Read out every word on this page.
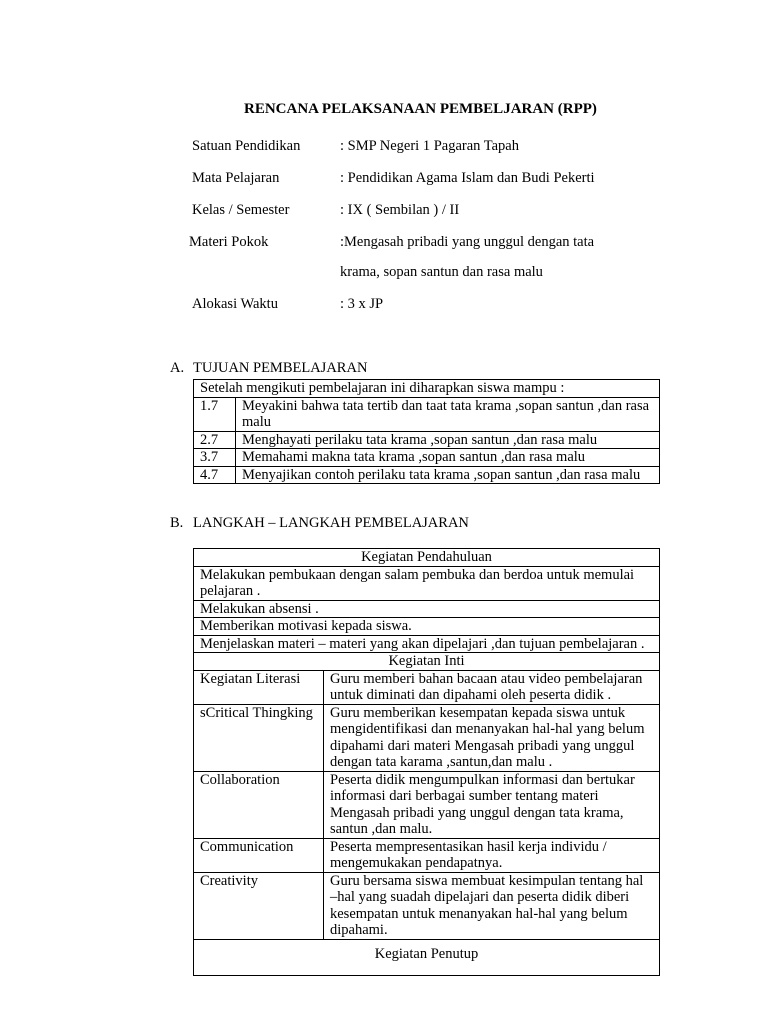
RENCANA PELAKSANAAN PEMBELJARAN (RPP)
Satuan Pendidikan	: SMP Negeri 1 Pagaran Tapah
Mata Pelajaran	: Pendidikan Agama Islam dan Budi Pekerti
Kelas / Semester	: IX ( Sembilan ) / II
Materi Pokok	:Mengasah pribadi yang unggul dengan tata
krama, sopan santun dan rasa malu
Alokasi Waktu	: 3 x JP
A. TUJUAN PEMBELAJARAN
Setelah mengikuti pembelajaran ini diharapkan siswa mampu :	
1.7	Meyakini bahwa tata tertib dan taat tata krama ,sopan santun ,dan rasa malu
2.7	Menghayati perilaku tata krama ,sopan santun ,dan rasa malu
3.7	Memahami makna tata krama ,sopan santun ,dan rasa malu
4.7	Menyajikan contoh perilaku tata krama ,sopan santun ,dan rasa malu
B. LANGKAH – LANGKAH PEMBELAJARAN
Kegiatan Pendahuluan	
Melakukan pembukaan dengan salam pembuka dan berdoa untuk memulai pelajaran .	
Melakukan absensi .	
Memberikan motivasi kepada siswa.	
Menjelaskan materi – materi yang akan dipelajari ,dan tujuan pembelajaran .	
Kegiatan Inti	
Kegiatan Literasi	Guru memberi bahan bacaan atau video pembelajaran untuk diminati dan dipahami oleh peserta didik .
sCritical Thingking	Guru memberikan kesempatan kepada siswa untuk mengidentifikasi dan menanyakan hal-hal yang belum dipahami dari materi Mengasah pribadi yang unggul dengan tata karama ,santun,dan malu .
Collaboration	Peserta didik mengumpulkan informasi dan bertukar informasi dari berbagai sumber tentang materi Mengasah pribadi yang unggul dengan tata krama, santun ,dan malu.
Communication	Peserta mempresentasikan hasil kerja individu / mengemukakan pendapatnya.
Creativity	Guru bersama siswa membuat kesimpulan tentang hal –hal yang suadah dipelajari dan peserta didik diberi kesempatan untuk menanyakan hal-hal yang belum dipahami.
Kegiatan Penutup	
